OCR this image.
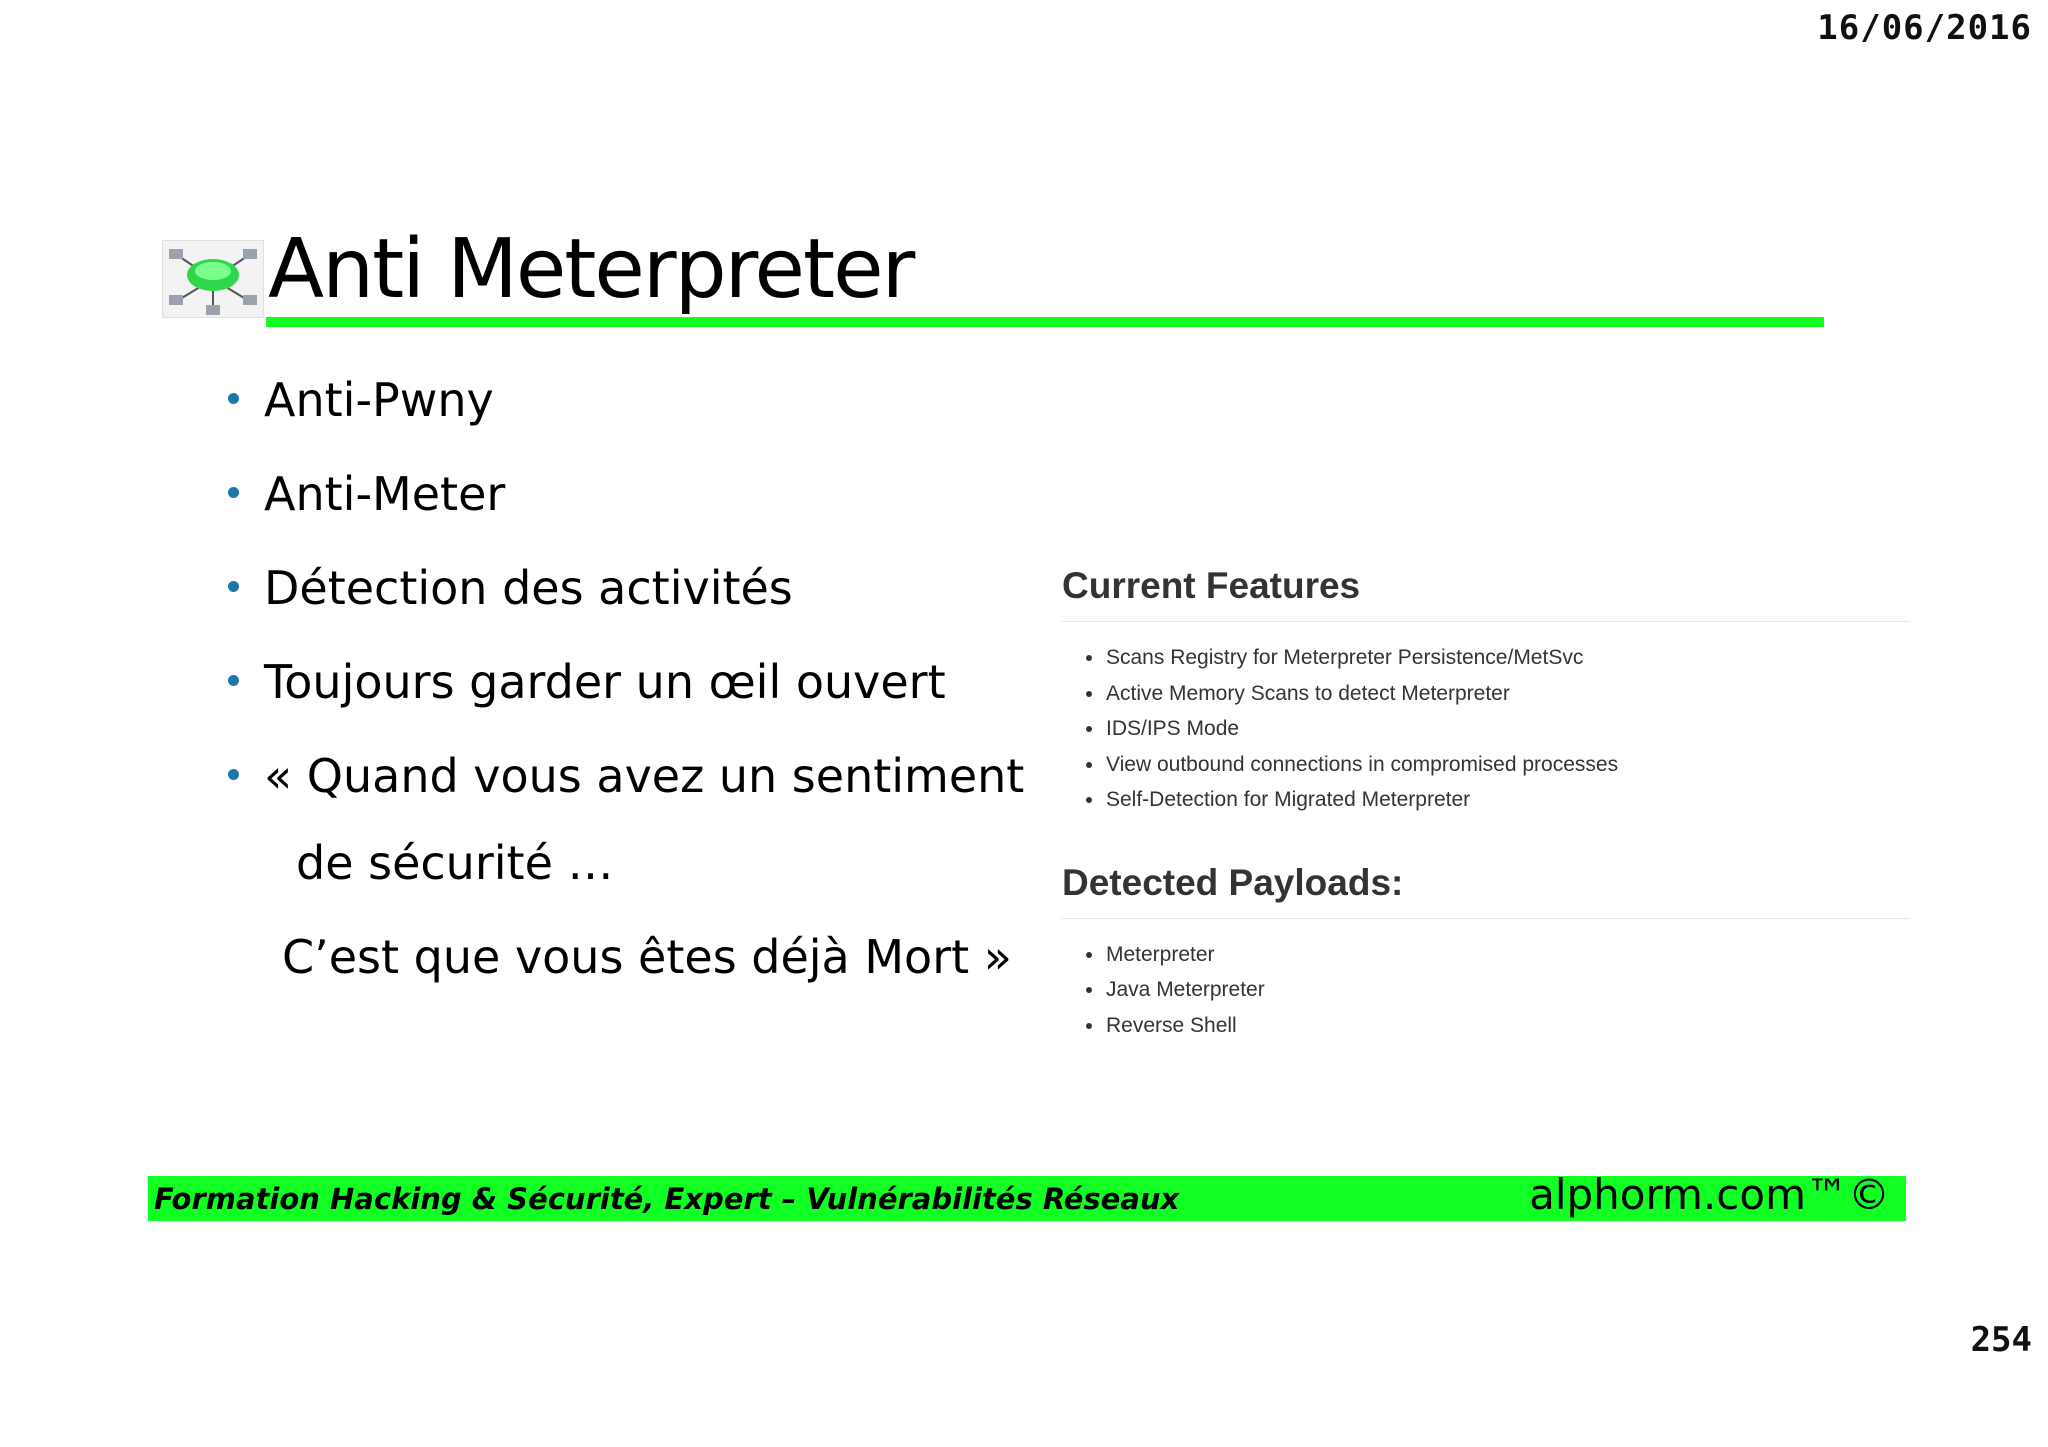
16/06/2016
Anti Meterpreter
Anti-Pwny
Anti-Meter
Détection des activités
Toujours garder un œil ouvert
« Quand vous avez un sentiment
de sécurité …
C’est que vous êtes déjà Mort »
Current Features
Scans Registry for Meterpreter Persistence/MetSvc
Active Memory Scans to detect Meterpreter
IDS/IPS Mode
View outbound connections in compromised processes
Self-Detection for Migrated Meterpreter
Detected Payloads:
Meterpreter
Java Meterpreter
Reverse Shell
Formation Hacking & Sécurité, Expert – Vulnérabilités Réseaux	alphorm.com™©
254
